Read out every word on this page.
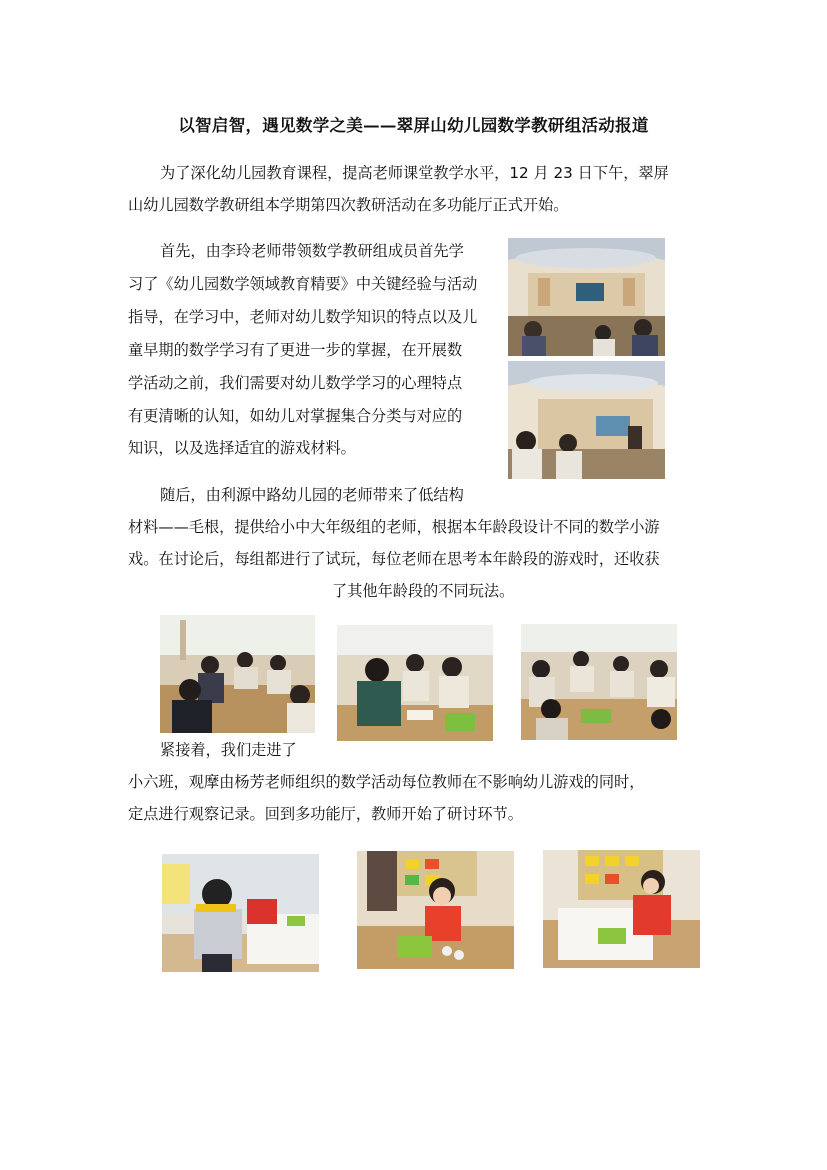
以智启智，遇见数学之美——翠屏山幼儿园数学教研组活动报道
为了深化幼儿园教育课程，提高老师课堂教学水平，12 月 23 日下午，翠屏
山幼儿园数学教研组本学期第四次教研活动在多功能厅正式开始。
首先，由李玲老师带领数学教研组成员首先学
习了《幼儿园数学领域教育精要》中关键经验与活动
指导，在学习中，老师对幼儿数学知识的特点以及儿
童早期的数学学习有了更进一步的掌握，在开展数
学活动之前，我们需要对幼儿数学学习的心理特点
有更清晰的认知，如幼儿对掌握集合分类与对应的
知识，以及选择适宜的游戏材料。
随后，由利源中路幼儿园的老师带来了低结构
材料——毛根，提供给小中大年级组的老师，根据本年龄段设计不同的数学小游
戏。在讨论后，每组都进行了试玩，每位老师在思考本年龄段的游戏时，还收获
了其他年龄段的不同玩法。
紧接着，我们走进了
小六班，观摩由杨芳老师组织的数学活动每位教师在不影响幼儿游戏的同时，
定点进行观察记录。回到多功能厅，教师开始了研讨环节。
